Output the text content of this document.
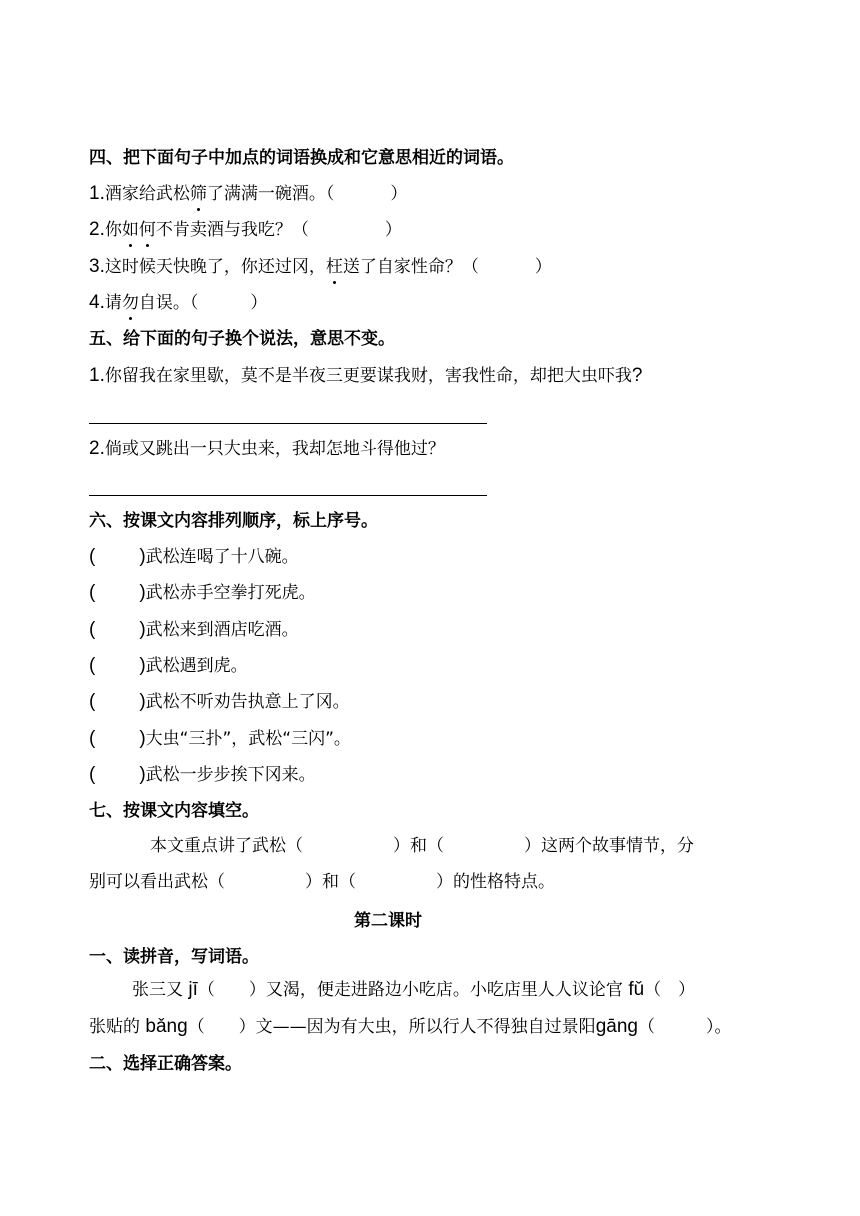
四、把下面句子中加点的词语换成和它意思相近的词语。
1.酒家给武松筛了满满一碗酒。（	）
2.你如何不肯卖酒与我吃？（	）
3.这时候天快晚了，你还过冈，枉送了自家性命？（	）
4.请勿自误。（	）
五、给下面的句子换个说法，意思不变。
1.你留我在家里歇，莫不是半夜三更要谋我财，害我性命，却把大虫吓我?
2.倘或又跳出一只大虫来，我却怎地斗得他过？
六、按课文内容排列顺序，标上序号。
( )武松连喝了十八碗。
( )武松赤手空拳打死虎。
( )武松来到酒店吃酒。
( )武松遇到虎。
( )武松不听劝告执意上了冈。
( )大虫“三扑”，武松“三闪”。
( )武松一步步挨下冈来。
七、按课文内容填空。
本文重点讲了武松（	）和（	）这两个故事情节，分
别可以看出武松（	）和（	）的性格特点。
第二课时
一、读拼音，写词语。
张三又 jī（　　）又渴，便走进路边小吃店。小吃店里人人议论官 fǔ（　）
张贴的 bǎng（　　）文——因为有大虫，所以行人不得独自过景阳gāng（　　　）。
二、选择正确答案。
